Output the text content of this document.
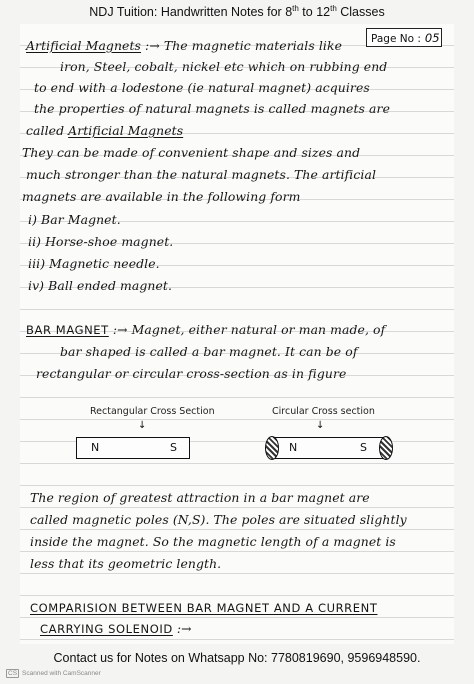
NDJ Tuition: Handwritten Notes for 8th to 12th Classes
Page No : 05
Artificial Magnets :→ The magnetic materials like
iron, Steel, cobalt, nickel etc which on rubbing end
to end with a lodestone (ie natural magnet) acquires
the properties of natural magnets is called magnets are
called Artificial Magnets
They can be made of convenient shape and sizes and
much stronger than the natural magnets. The artificial
magnets are available in the following form
i) Bar Magnet.
ii) Horse-shoe magnet.
iii) Magnetic needle.
iv) Ball ended magnet.
BAR MAGNET :→ Magnet, either natural or man made, of
bar shaped is called a bar magnet. It can be of
rectangular or circular cross-section as in figure
Rectangular Cross Section
↓
N	S
Circular Cross section
↓
N	S
The region of greatest attraction in a bar magnet are
called magnetic poles (N,S). The poles are situated slightly
inside the magnet. So the magnetic length of a magnet is
less that its geometric length.
COMPARISION BETWEEN BAR MAGNET AND A CURRENT
CARRYING SOLENOID :→
Contact us for Notes on Whatsapp No: 7780819690, 9596948590.
CS Scanned with CamScanner
